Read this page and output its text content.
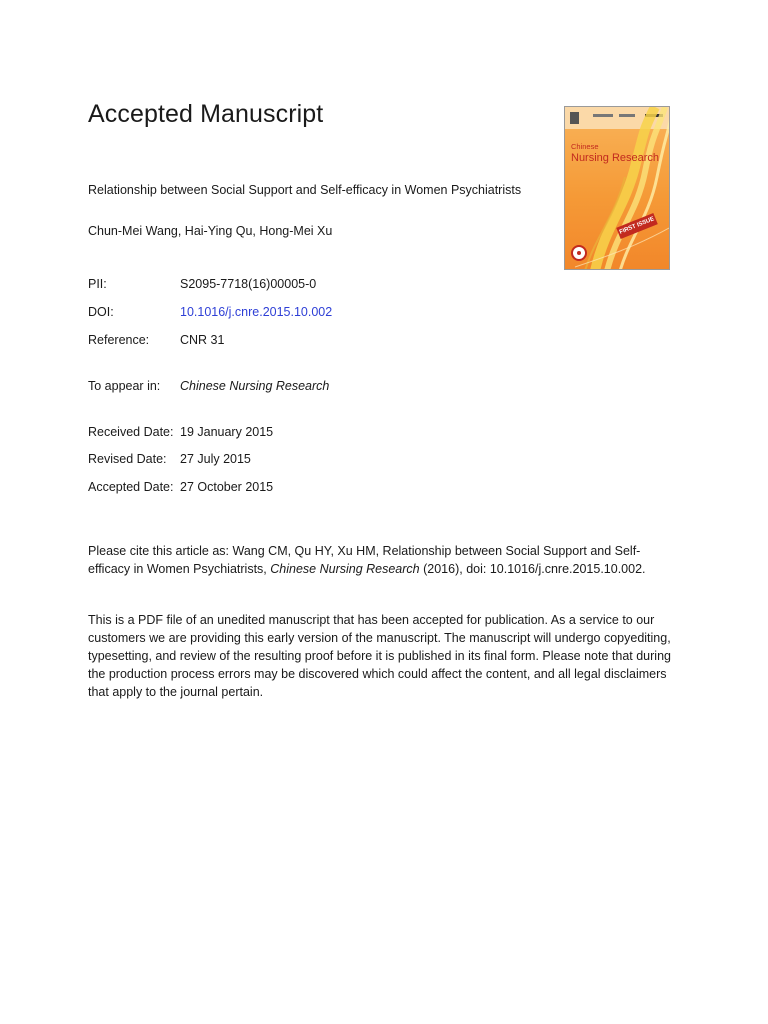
Accepted Manuscript
Chinese
Nursing Research
FIRST ISSUE
Relationship between Social Support and Self-efficacy in Women Psychiatrists
Chun-Mei Wang, Hai-Ying Qu, Hong-Mei Xu
PII:	S2095-7718(16)00005-0
DOI:	10.1016/j.cnre.2015.10.002
Reference:	CNR 31
To appear in:	Chinese Nursing Research
Received Date: 19 January 2015
Revised Date:	27 July 2015
Accepted Date: 27 October 2015

Please cite this article as: Wang CM, Qu HY, Xu HM, Relationship between Social Support and Self-efficacy in Women Psychiatrists, Chinese Nursing Research (2016), doi: 10.1016/j.cnre.2015.10.002.

This is a PDF file of an unedited manuscript that has been accepted for publication. As a service to our customers we are providing this early version of the manuscript. The manuscript will undergo copyediting, typesetting, and review of the resulting proof before it is published in its final form. Please note that during the production process errors may be discovered which could affect the content, and all legal disclaimers that apply to the journal pertain.
